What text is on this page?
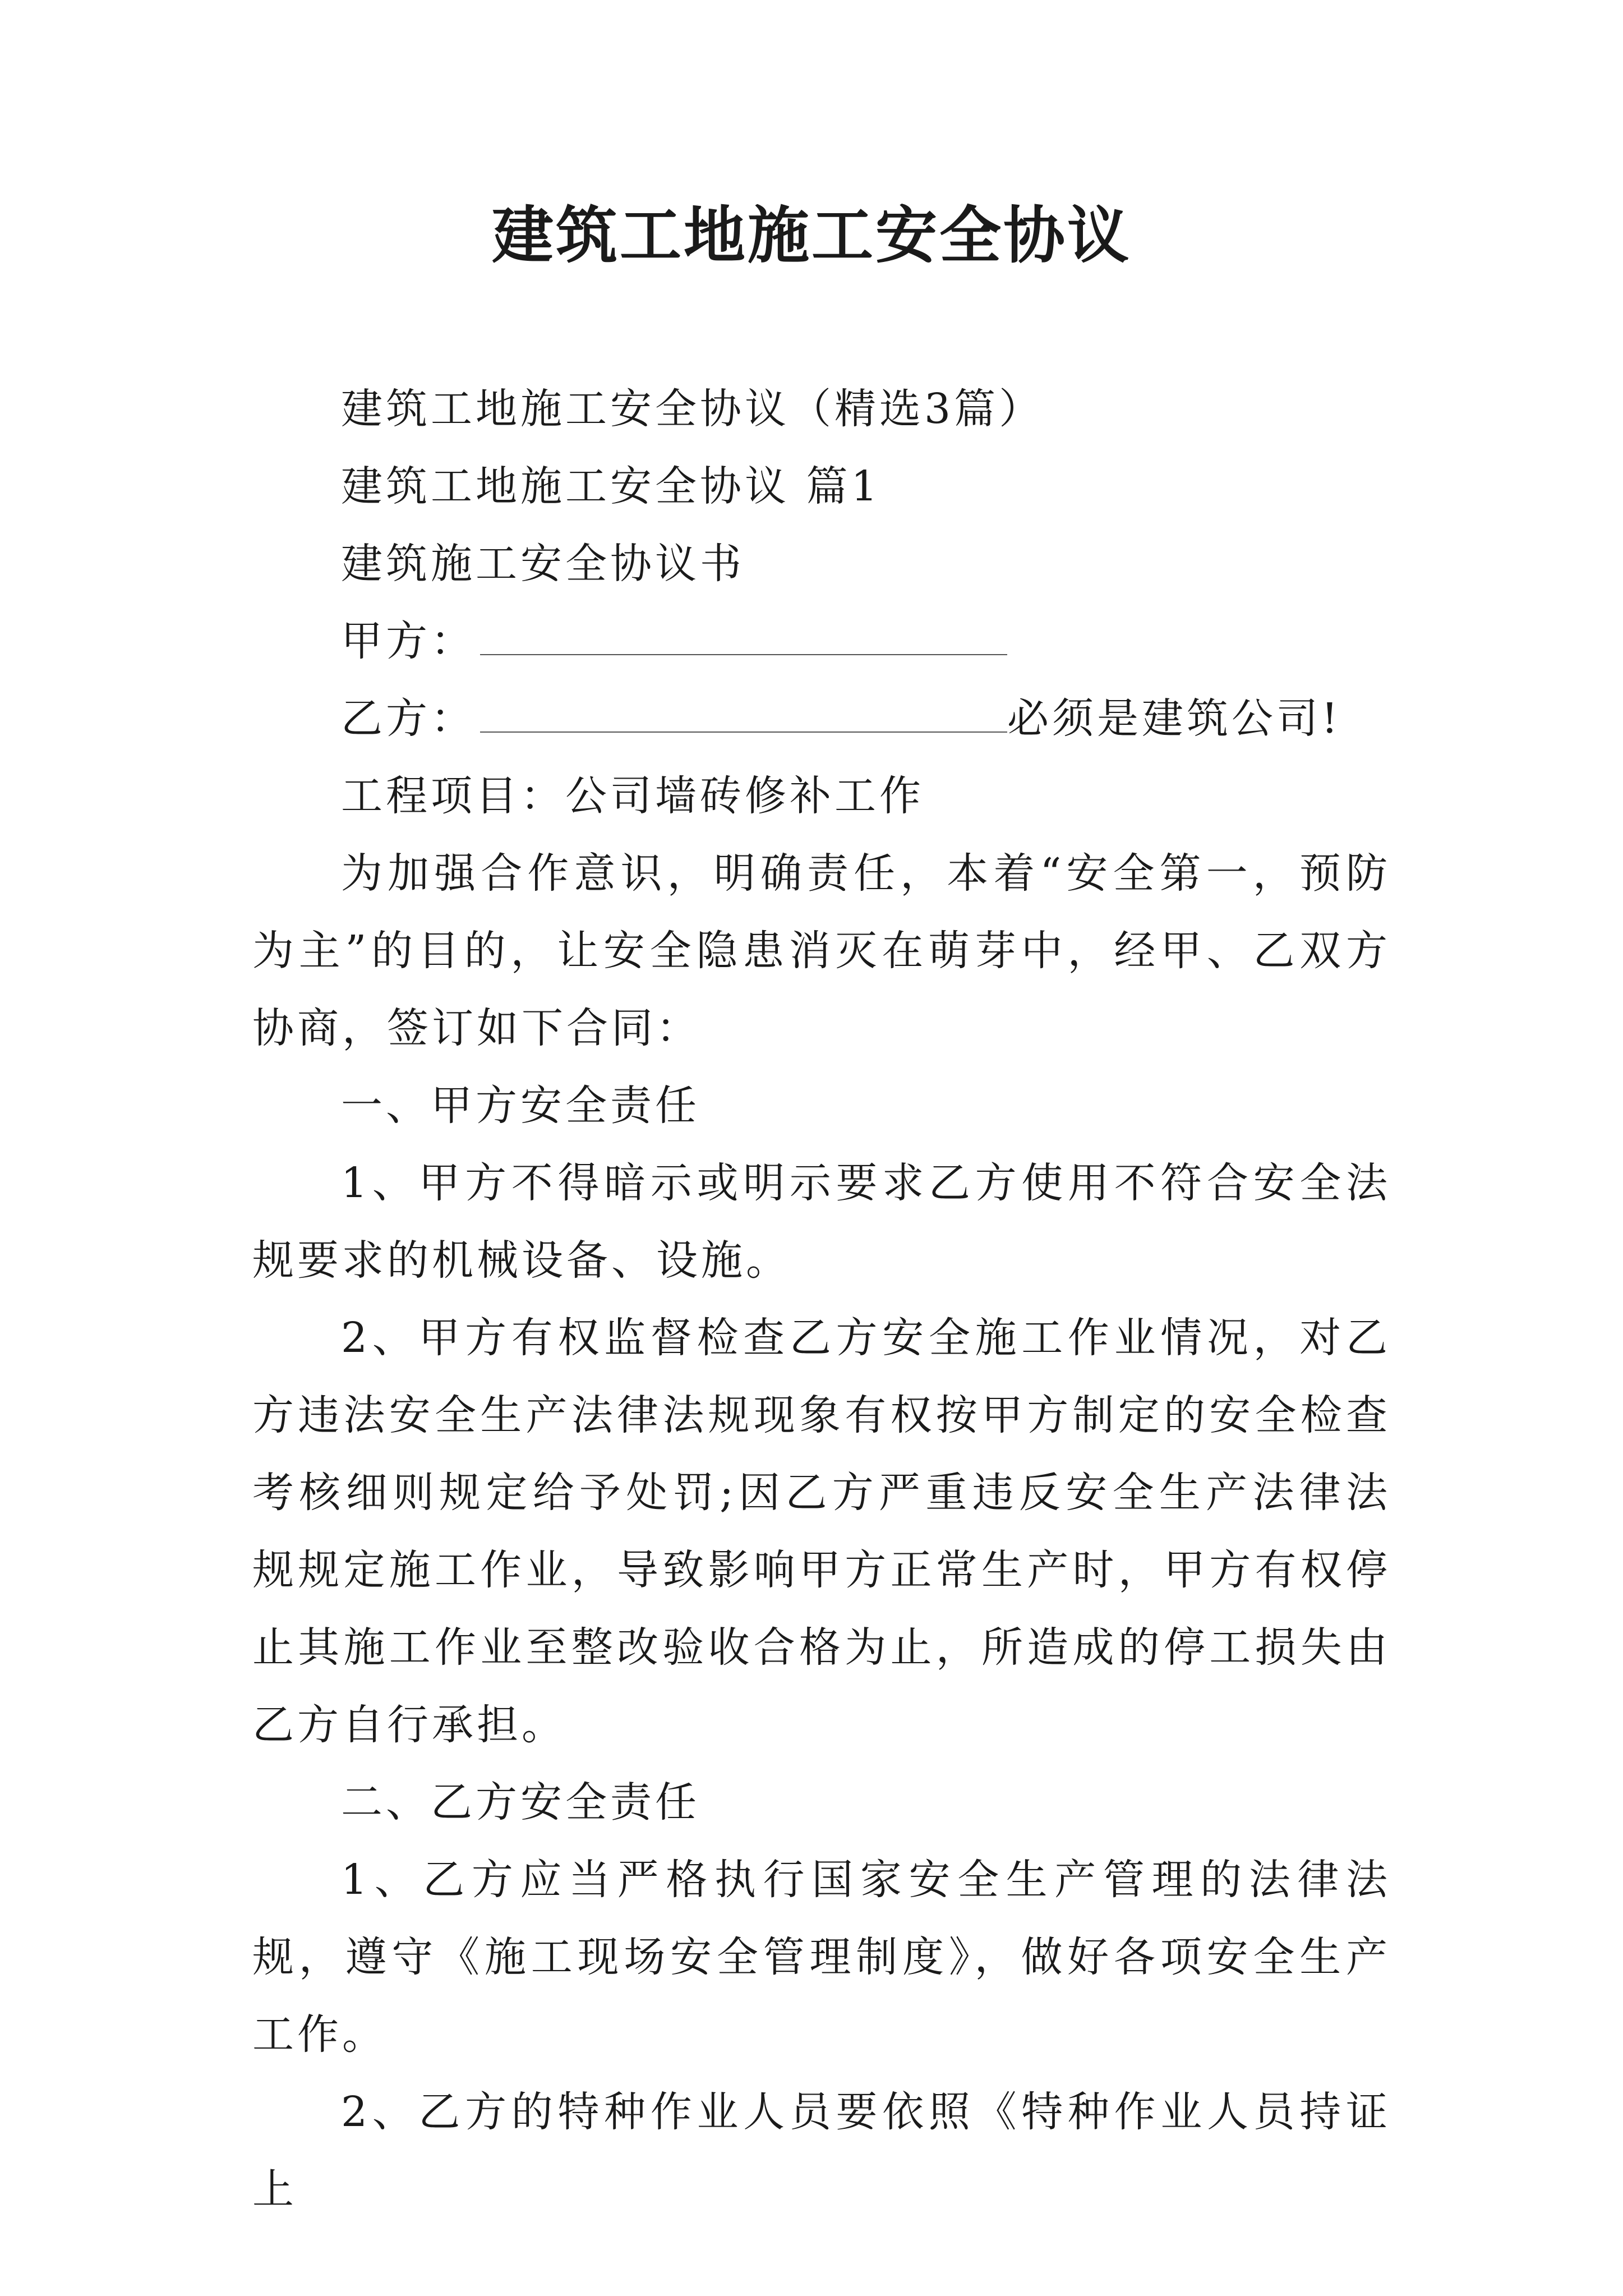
建筑工地施工安全协议
建筑工地施工安全协议（精选3篇）
建筑工地施工安全协议 篇1
建筑施工安全协议书
甲方：
乙方：	必须是建筑公司!
工程项目：公司墙砖修补工作
为加强合作意识，明确责任，本着“安全第一，预防为主”的目的，让安全隐患消灭在萌芽中，经甲、乙双方协商，签订如下合同：
一、甲方安全责任
1、甲方不得暗示或明示要求乙方使用不符合安全法规要求的机械设备、设施。
2、甲方有权监督检查乙方安全施工作业情况，对乙方违法安全生产法律法规现象有权按甲方制定的安全检查考核细则规定给予处罚;因乙方严重违反安全生产法律法规规定施工作业，导致影响甲方正常生产时，甲方有权停止其施工作业至整改验收合格为止，所造成的停工损失由乙方自行承担。
二、乙方安全责任
1、乙方应当严格执行国家安全生产管理的法律法规，遵守《施工现场安全管理制度》，做好各项安全生产工作。
2、乙方的特种作业人员要依照《特种作业人员持证上
